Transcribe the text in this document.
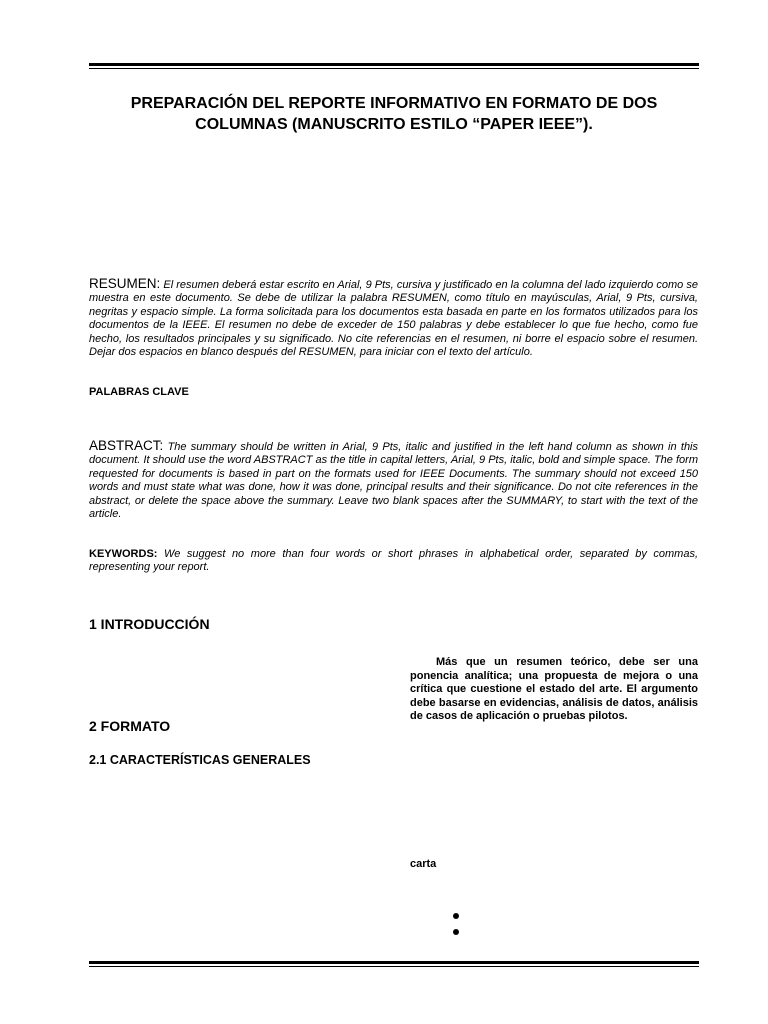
PREPARACIÓN DEL REPORTE INFORMATIVO EN FORMATO DE DOS
COLUMNAS (MANUSCRITO ESTILO “PAPER IEEE”).
RESUMEN: El resumen deberá estar escrito en Arial, 9 Pts, cursiva y justificado en la columna del lado izquierdo como se muestra en este documento. Se debe de utilizar la palabra RESUMEN, como título en mayúsculas, Arial, 9 Pts, cursiva, negritas y espacio simple. La forma solicitada para los documentos esta basada en parte en los formatos utilizados para los documentos de la IEEE. El resumen no debe de exceder de 150 palabras y debe establecer lo que fue hecho, como fue hecho, los resultados principales y su significado. No cite referencias en el resumen, ni borre el espacio sobre el resumen. Dejar dos espacios en blanco después del RESUMEN, para iniciar con el texto del artículo.
PALABRAS CLAVE
ABSTRACT: The summary should be written in Arial, 9 Pts, italic and justified in the left hand column as shown in this document. It should use the word ABSTRACT as the title in capital letters, Arial, 9 Pts, italic, bold and simple space. The form requested for documents is based in part on the formats used for IEEE Documents. The summary should not exceed 150 words and must state what was done, how it was done, principal results and their significance. Do not cite references in the abstract, or delete the space above the summary. Leave two blank spaces after the SUMMARY, to start with the text of the article.
KEYWORDS: We suggest no more than four words or short phrases in alphabetical order, separated by commas, representing your report.
1 INTRODUCCIÓN
2 FORMATO
2.1 CARACTERÍSTICAS GENERALES
Más que un resumen teórico, debe ser una ponencia analítica; una propuesta de mejora o una crítica que cuestione el estado del arte. El argumento debe basarse en evidencias, análisis de datos, análisis de casos de aplicación o pruebas pilotos.
carta
